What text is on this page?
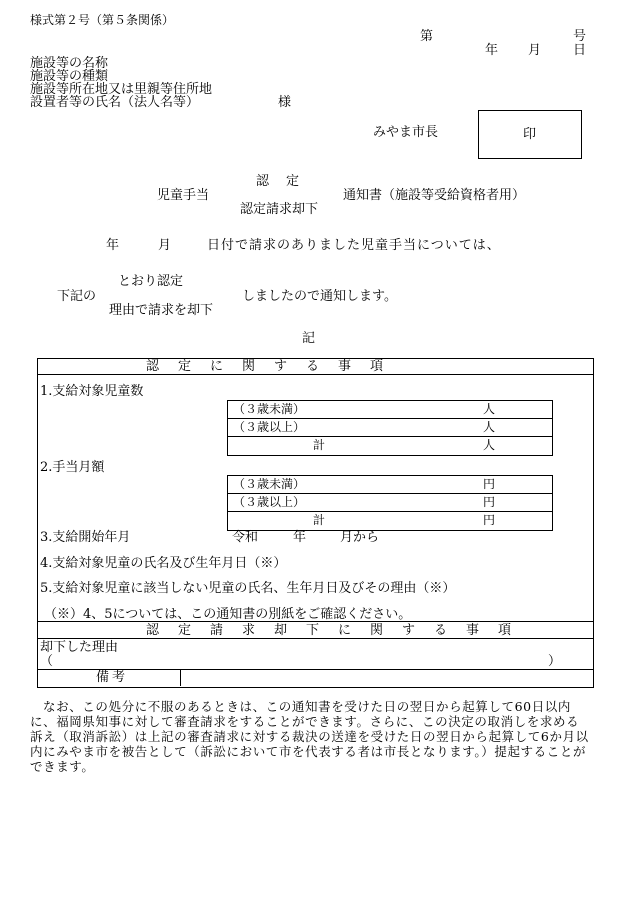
様式第２号（第５条関係）
第	号
年 月 日
施設等の名称
施設等の種類
施設等所在地又は里親等住所地
設置者等の氏名（法人名等）	様
みやま市長	印
認　定
児童手当	通知書（施設等受給資格者用）
認定請求却下
年	月	日付で請求のありました児童手当については、
とおり認定
下記の	しましたので通知します。
理由で請求を却下
記
認　定　に　関　す　る　事　項
1.支給対象児童数
（３歳未満）	人
（３歳以上）	人
計	人
2.手当月額
（３歳未満）	円
（３歳以上）	円
計	円
3.支給開始年月	令和	年	月から
4.支給対象児童の氏名及び生年月日（※）
5.支給対象児童に該当しない児童の氏名、生年月日及びその理由（※）
（※）4、5については、この通知書の別紙をご確認ください。
認　定　請　求　却　下　に　関　す　る　事　項
却下した理由
（	）
備考
なお、この処分に不服のあるときは、この通知書を受けた日の翌日から起算して60日以内に、福岡県知事に対して審査請求をすることができます。さらに、この決定の取消しを求める訴え（取消訴訟）は上記の審査請求に対する裁決の送達を受けた日の翌日から起算して6か月以内にみやま市を被告として（訴訟において市を代表する者は市長となります。）提起することができます。
